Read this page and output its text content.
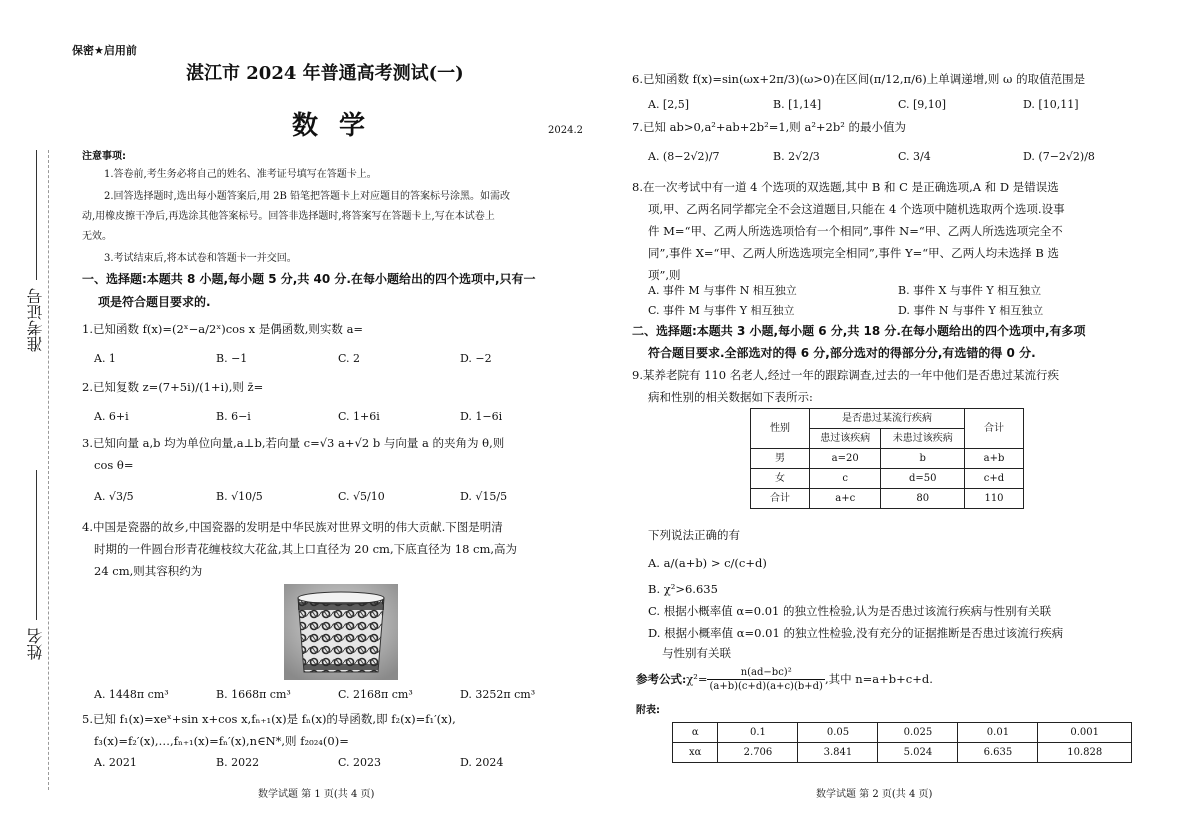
保密★启用前
湛江市 2024 年普通高考测试(一)
数 学	2024.2
准考证号
姓名
注意事项:
1.答卷前,考生务必将自己的姓名、准考证号填写在答题卡上。
2.回答选择题时,选出每小题答案后,用 2B 铅笔把答题卡上对应题目的答案标号涂黑。如需改
动,用橡皮擦干净后,再选涂其他答案标号。回答非选择题时,将答案写在答题卡上,写在本试卷上
无效。
3.考试结束后,将本试卷和答题卡一并交回。
一、选择题:本题共 8 小题,每小题 5 分,共 40 分.在每小题给出的四个选项中,只有一
项是符合题目要求的.
1.已知函数 f(x)=(2ˣ−a/2ˣ)cos x 是偶函数,则实数 a=
A. 1	B. −1	C. 2	D. −2
2.已知复数 z=(7+5i)/(1+i),则 z̄=
A. 6+i	B. 6−i	C. 1+6i	D. 1−6i
3.已知向量 a,b 均为单位向量,a⊥b,若向量 c=√3 a+√2 b 与向量 a 的夹角为 θ,则
cos θ=
A. √3/5	B. √10/5	C. √5/10	D. √15/5
4.中国是瓷器的故乡,中国瓷器的发明是中华民族对世界文明的伟大贡献.下图是明清
时期的一件圆台形青花缠枝纹大花盆,其上口直径为 20 cm,下底直径为 18 cm,高为
24 cm,则其容积约为
A. 1448π cm³	B. 1668π cm³	C. 2168π cm³	D. 3252π cm³
5.已知 f₁(x)=xeˣ+sin x+cos x,fₙ₊₁(x)是 fₙ(x)的导函数,即 f₂(x)=f₁′(x),
f₃(x)=f₂′(x),…,fₙ₊₁(x)=fₙ′(x),n∈N*,则 f₂₀₂₄(0)=
A. 2021	B. 2022	C. 2023	D. 2024
数学试题 第 1 页(共 4 页)
6.已知函数 f(x)=sin(ωx+2π/3)(ω>0)在区间(π/12,π/6)上单调递增,则 ω 的取值范围是
A. [2,5]	B. [1,14]	C. [9,10]	D. [10,11]
7.已知 ab>0,a²+ab+2b²=1,则 a²+2b² 的最小值为
A. (8−2√2)/7	B. 2√2/3	C. 3/4	D. (7−2√2)/8
8.在一次考试中有一道 4 个选项的双选题,其中 B 和 C 是正确选项,A 和 D 是错误选
项,甲、乙两名同学都完全不会这道题目,只能在 4 个选项中随机选取两个选项.设事
件 M=“甲、乙两人所选选项恰有一个相同”,事件 N=“甲、乙两人所选选项完全不
同”,事件 X=“甲、乙两人所选选项完全相同”,事件 Y=“甲、乙两人均未选择 B 选
项”,则
A. 事件 M 与事件 N 相互独立	B. 事件 X 与事件 Y 相互独立
C. 事件 M 与事件 Y 相互独立	D. 事件 N 与事件 Y 相互独立
二、选择题:本题共 3 小题,每小题 6 分,共 18 分.在每小题给出的四个选项中,有多项
符合题目要求.全部选对的得 6 分,部分选对的得部分分,有选错的得 0 分.
9.某养老院有 110 名老人,经过一年的跟踪调查,过去的一年中他们是否患过某流行疾
病和性别的相关数据如下表所示:
性别	是否患过某流行疾病		合计
	患过该疾病	未患过该疾病	
男	a=20	b	a+b
女	c	d=50	c+d
合计	a+c	80	110
下列说法正确的有
A. a/(a+b) > c/(c+d)
B. χ²>6.635
C. 根据小概率值 α=0.01 的独立性检验,认为是否患过该流行疾病与性别有关联
D. 根据小概率值 α=0.01 的独立性检验,没有充分的证据推断是否患过该流行疾病
与性别有关联
参考公式: $\chi^2= \frac{\text{n(ad−bc)²}}{(a+b)(c+d)(a+c)(b+d)}$ ,其中 n=a+b+c+d.
附表:
α	0.1	0.05	0.025	0.01	0.001
xα	2.706	3.841	5.024	6.635	10.828
数学试题 第 2 页(共 4 页)
